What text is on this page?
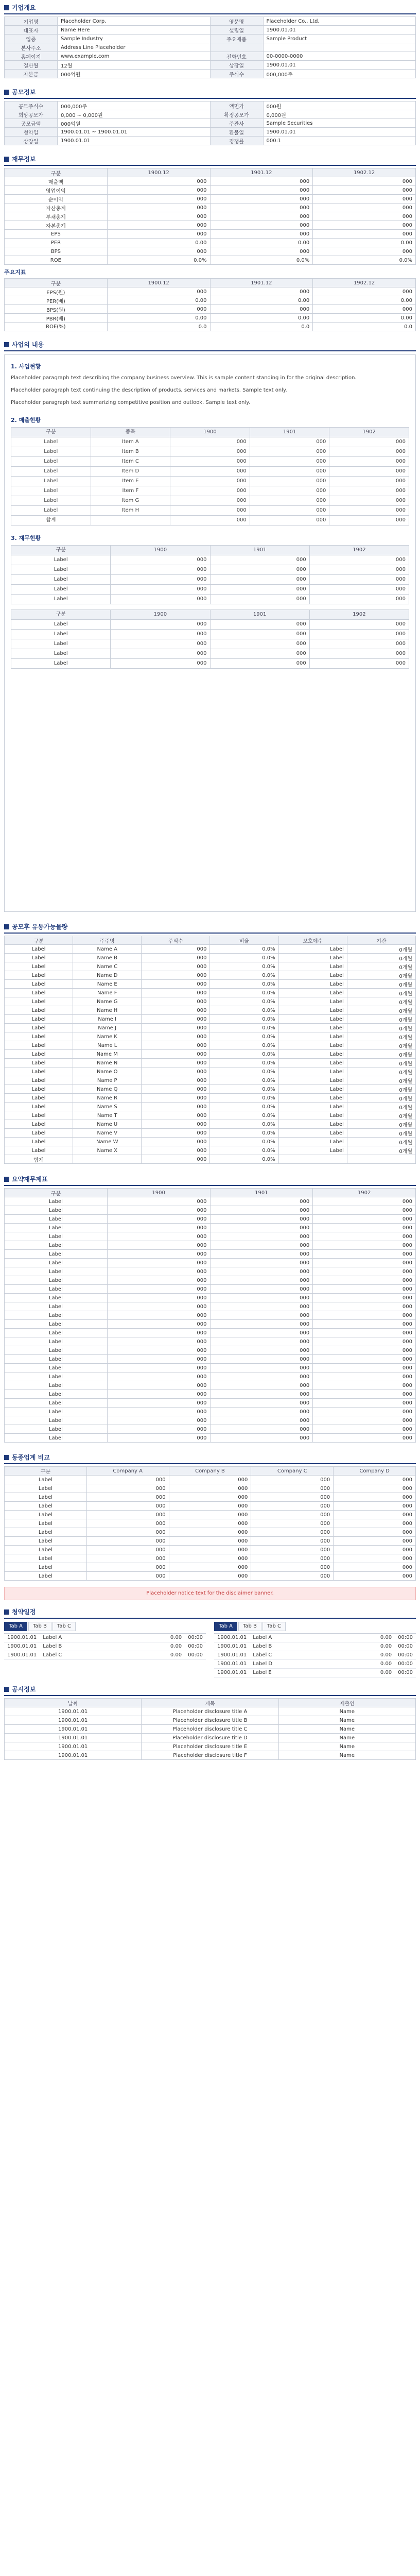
기업개요
기업명	Placeholder Corp.	영문명	Placeholder Co., Ltd.
대표자	Name Here	설립일	1900.01.01
업종	Sample Industry	주요제품	Sample Product
본사주소	Address Line Placeholder		
홈페이지	www.example.com	전화번호	00-0000-0000
결산월	12월	상장일	1900.01.01
자본금	000억원	주식수	000,000주
공모정보
공모주식수	000,000주	액면가	000원
희망공모가	0,000 ~ 0,000원	확정공모가	0,000원
공모금액	000억원	주관사	Sample Securities
청약일	1900.01.01 ~ 1900.01.01	환불일	1900.01.01
상장일	1900.01.01	경쟁률	000:1
재무정보
구분	1900.12	1901.12	1902.12
매출액	000	000	000
영업이익	000	000	000
순이익	000	000	000
자산총계	000	000	000
부채총계	000	000	000
자본총계	000	000	000
EPS	000	000	000
PER	0.00	0.00	0.00
BPS	000	000	000
ROE	0.0%	0.0%	0.0%
주요지표
구분	1900.12	1901.12	1902.12
EPS(원)	000	000	000
PER(배)	0.00	0.00	0.00
BPS(원)	000	000	000
PBR(배)	0.00	0.00	0.00
ROE(%)	0.0	0.0	0.0
사업의 내용
1. 사업현황

Placeholder paragraph text describing the company business overview. This is sample content standing in for the original description.

Placeholder paragraph text continuing the description of products, services and markets. Sample text only.

Placeholder paragraph text summarizing competitive position and outlook. Sample text only.

2. 매출현황
구분	품목	1900	1901	1902
Label	Item A	000	000	000
Label	Item B	000	000	000
Label	Item C	000	000	000
Label	Item D	000	000	000
Label	Item E	000	000	000
Label	Item F	000	000	000
Label	Item G	000	000	000
Label	Item H	000	000	000
합계		000	000	000
3. 재무현황
구분	1900	1901	1902
Label	000	000	000
Label	000	000	000
Label	000	000	000
Label	000	000	000
Label	000	000	000
구분	1900	1901	1902
Label	000	000	000
Label	000	000	000
Label	000	000	000
Label	000	000	000
Label	000	000	000
공모후 유통가능물량
구분	주주명	주식수	비율	보호예수	기간
Label	Name A	000	0.0%	Label	0개월
Label	Name B	000	0.0%	Label	0개월
Label	Name C	000	0.0%	Label	0개월
Label	Name D	000	0.0%	Label	0개월
Label	Name E	000	0.0%	Label	0개월
Label	Name F	000	0.0%	Label	0개월
Label	Name G	000	0.0%	Label	0개월
Label	Name H	000	0.0%	Label	0개월
Label	Name I	000	0.0%	Label	0개월
Label	Name J	000	0.0%	Label	0개월
Label	Name K	000	0.0%	Label	0개월
Label	Name L	000	0.0%	Label	0개월
Label	Name M	000	0.0%	Label	0개월
Label	Name N	000	0.0%	Label	0개월
Label	Name O	000	0.0%	Label	0개월
Label	Name P	000	0.0%	Label	0개월
Label	Name Q	000	0.0%	Label	0개월
Label	Name R	000	0.0%	Label	0개월
Label	Name S	000	0.0%	Label	0개월
Label	Name T	000	0.0%	Label	0개월
Label	Name U	000	0.0%	Label	0개월
Label	Name V	000	0.0%	Label	0개월
Label	Name W	000	0.0%	Label	0개월
Label	Name X	000	0.0%	Label	0개월
합계		000	0.0%		
요약재무제표
구분	1900	1901	1902
Label	000	000	000
Label	000	000	000
Label	000	000	000
Label	000	000	000
Label	000	000	000
Label	000	000	000
Label	000	000	000
Label	000	000	000
Label	000	000	000
Label	000	000	000
Label	000	000	000
Label	000	000	000
Label	000	000	000
Label	000	000	000
Label	000	000	000
Label	000	000	000
Label	000	000	000
Label	000	000	000
Label	000	000	000
Label	000	000	000
Label	000	000	000
Label	000	000	000
Label	000	000	000
Label	000	000	000
Label	000	000	000
Label	000	000	000
Label	000	000	000
Label	000	000	000
동종업계 비교
구분	Company A	Company B	Company C	Company D
Label	000	000	000	000
Label	000	000	000	000
Label	000	000	000	000
Label	000	000	000	000
Label	000	000	000	000
Label	000	000	000	000
Label	000	000	000	000
Label	000	000	000	000
Label	000	000	000	000
Label	000	000	000	000
Label	000	000	000	000
Label	000	000	000	000
Placeholder notice text for the disclaimer banner.
청약일정
Tab A Tab B Tab C
1900.01.01	Label A	0.00	00:00
1900.01.01	Label B	0.00	00:00
1900.01.01	Label C	0.00	00:00
Tab A Tab B Tab C
1900.01.01	Label A	0.00	00:00
1900.01.01	Label B	0.00	00:00
1900.01.01	Label C	0.00	00:00
1900.01.01	Label D	0.00	00:00
1900.01.01	Label E	0.00	00:00
공시정보
날짜	제목	제출인
1900.01.01	Placeholder disclosure title A	Name
1900.01.01	Placeholder disclosure title B	Name
1900.01.01	Placeholder disclosure title C	Name
1900.01.01	Placeholder disclosure title D	Name
1900.01.01	Placeholder disclosure title E	Name
1900.01.01	Placeholder disclosure title F	Name
